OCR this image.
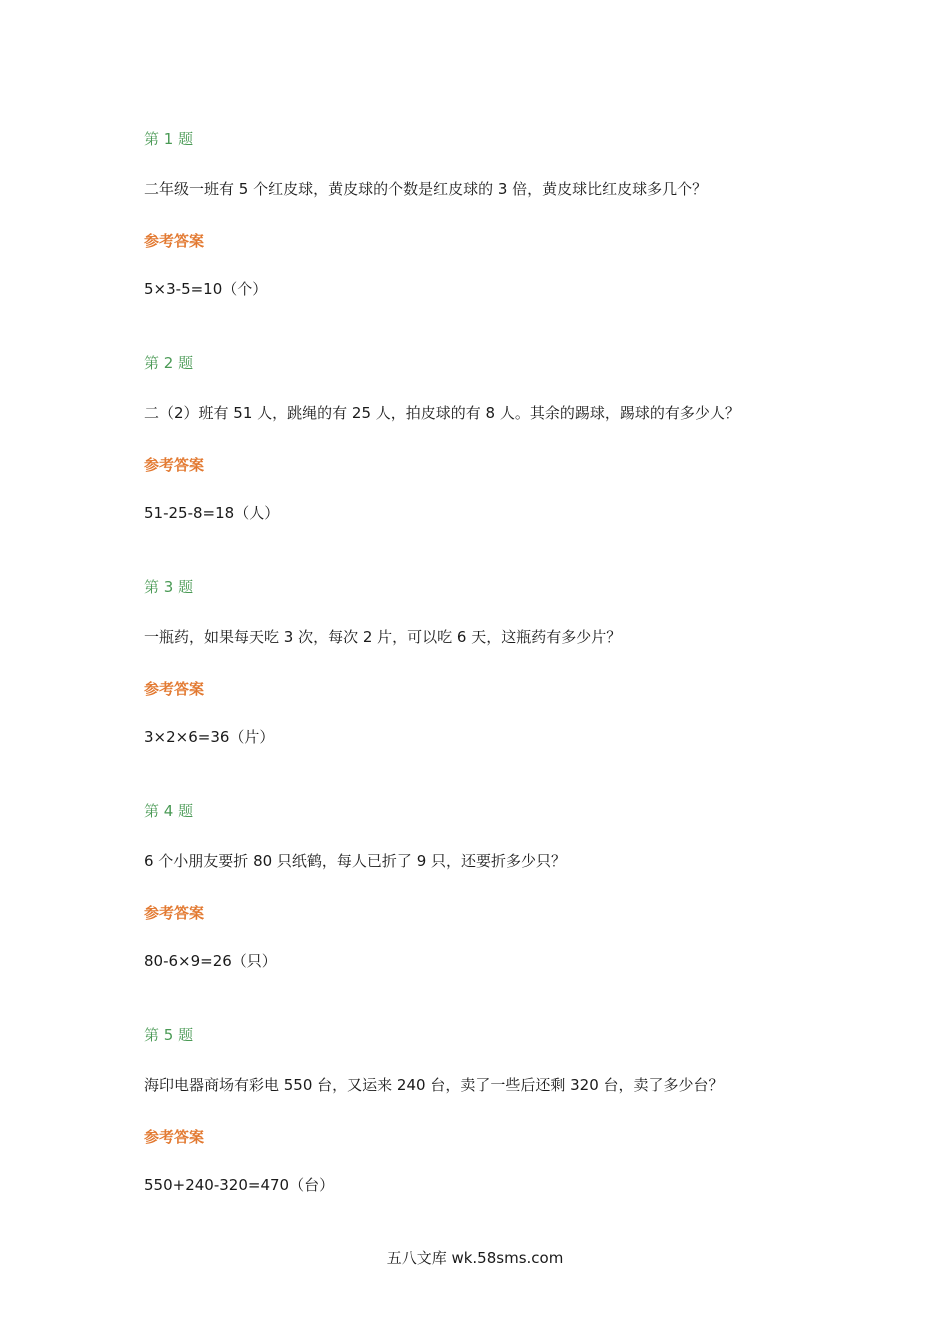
第 1 题
二年级一班有 5 个红皮球，黄皮球的个数是红皮球的 3 倍，黄皮球比红皮球多几个？
参考答案
5×3-5=10（个）
第 2 题
二（2）班有 51 人，跳绳的有 25 人，拍皮球的有 8 人。其余的踢球，踢球的有多少人？
参考答案
51-25-8=18（人）
第 3 题
一瓶药，如果每天吃 3 次，每次 2 片，可以吃 6 天，这瓶药有多少片？
参考答案
3×2×6=36（片）
第 4 题
6 个小朋友要折 80 只纸鹤，每人已折了 9 只，还要折多少只？
参考答案
80-6×9=26（只）
第 5 题
海印电器商场有彩电 550 台，又运来 240 台，卖了一些后还剩 320 台，卖了多少台？
参考答案
550+240-320=470（台）
五八文库 wk.58sms.com
